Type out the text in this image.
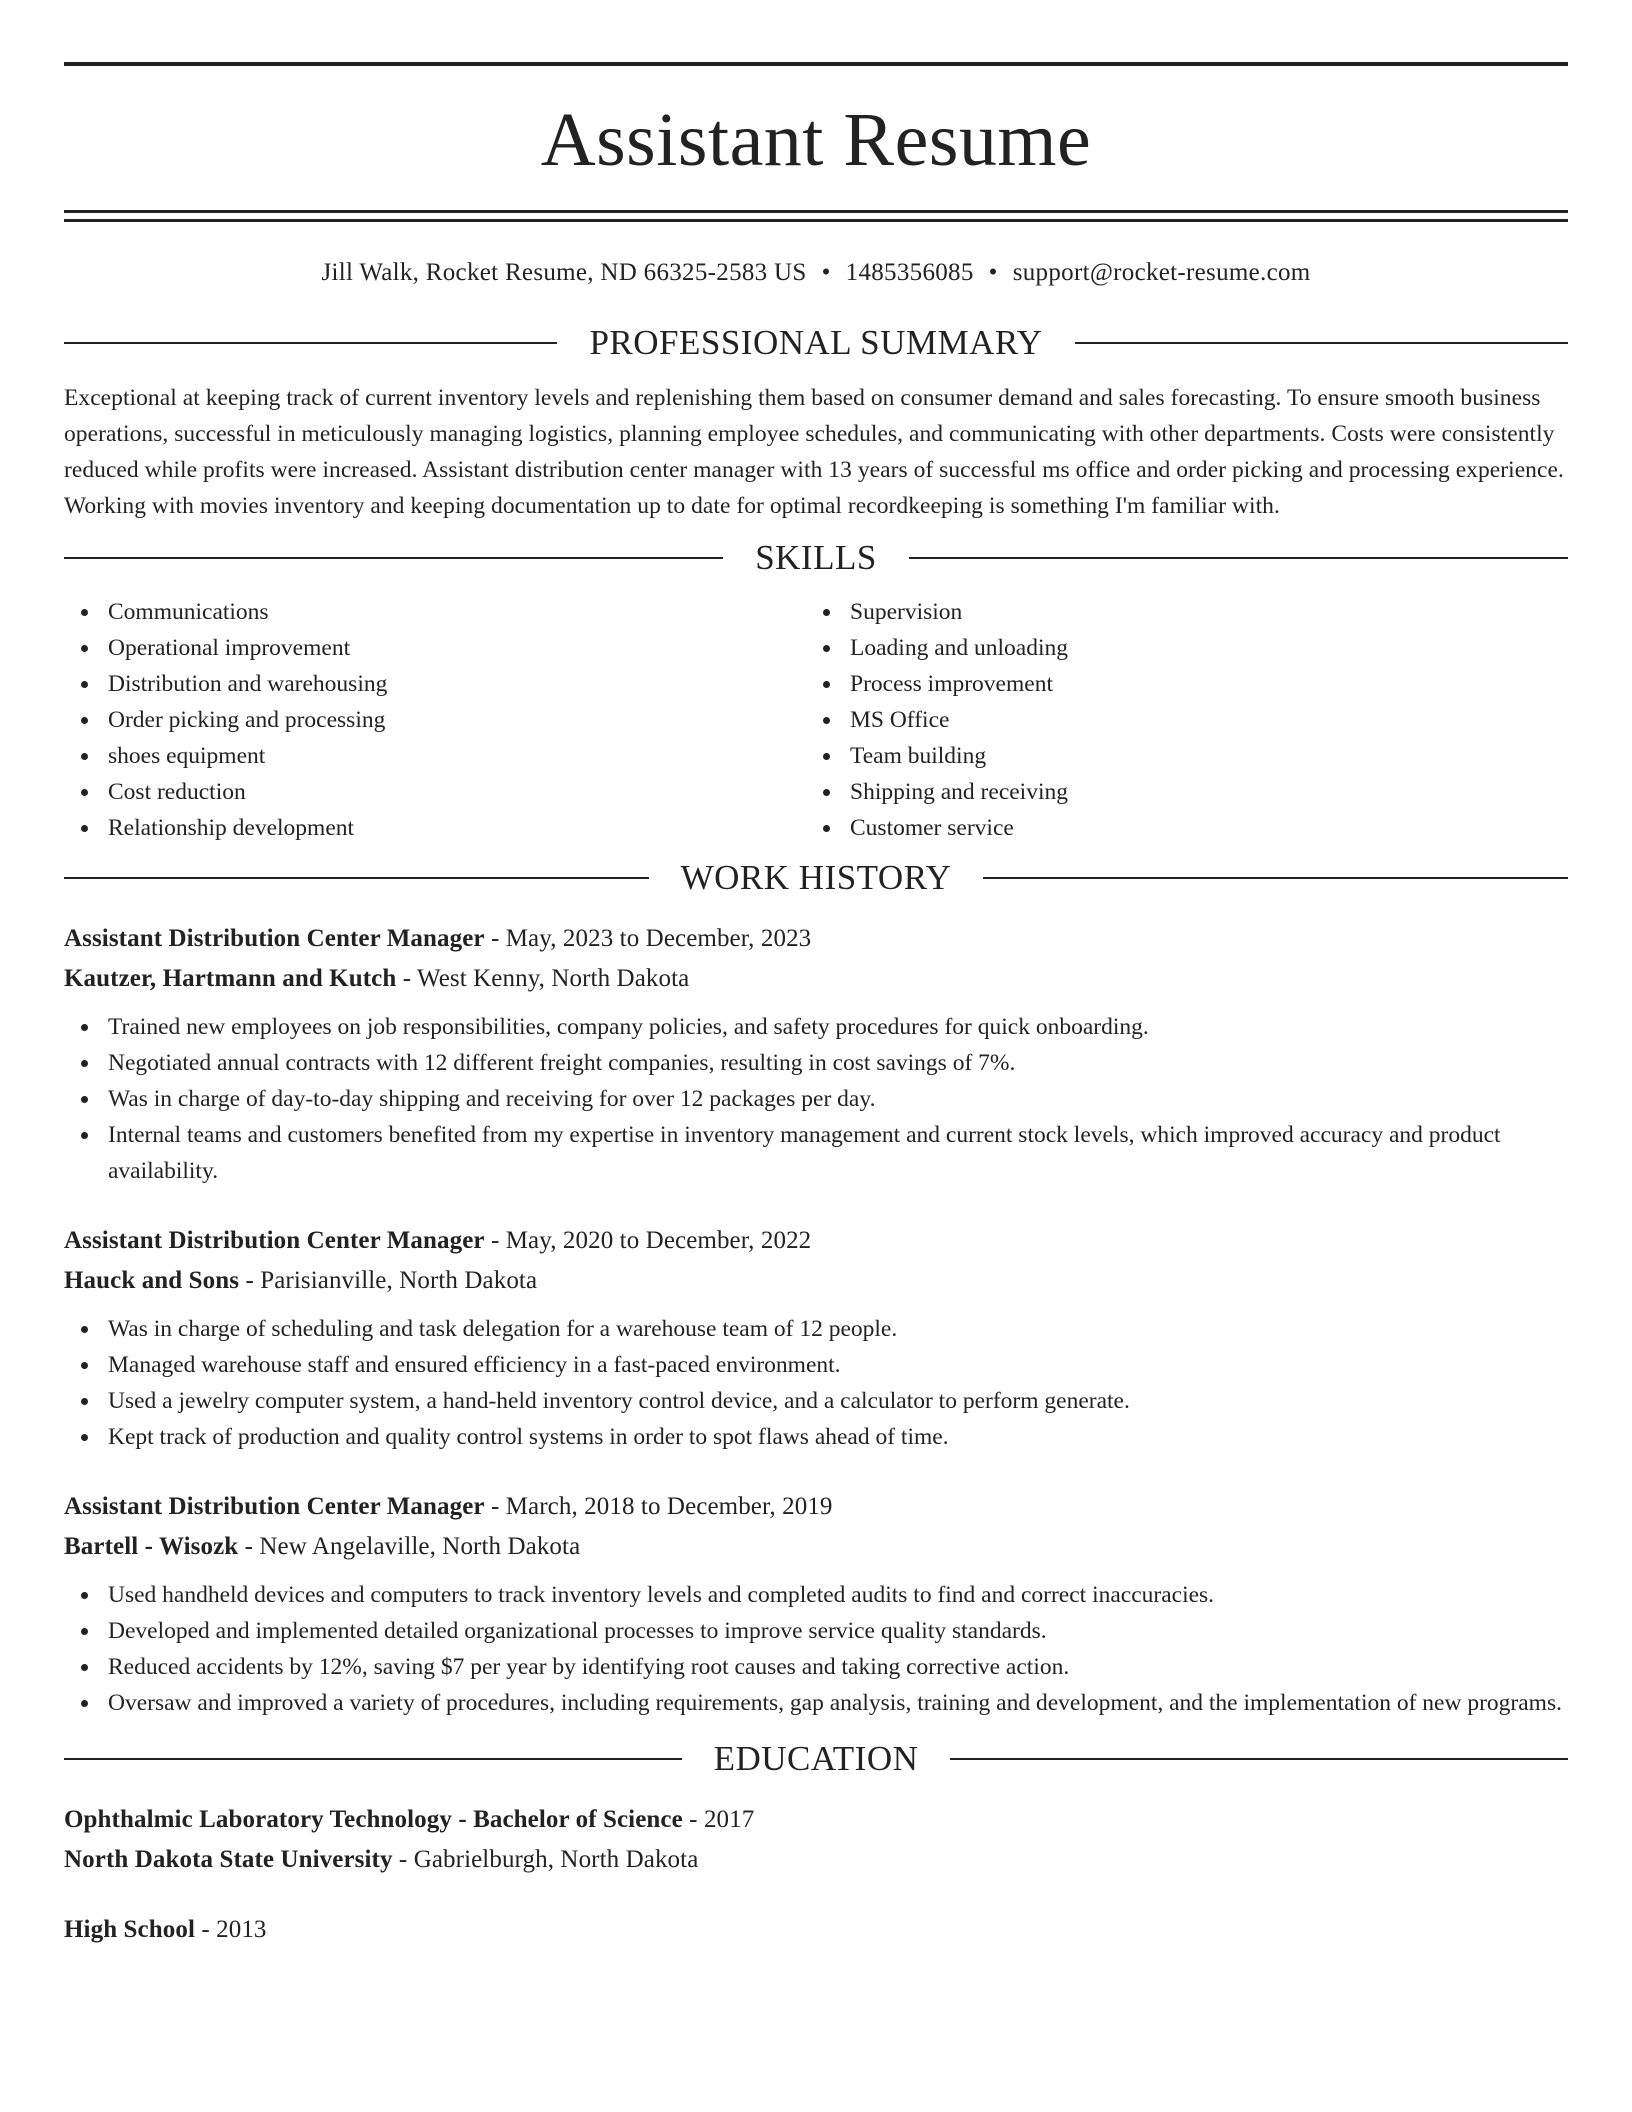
Assistant Resume
Jill Walk, Rocket Resume, ND 66325-2583 US • 1485356085 • support@rocket-resume.com
PROFESSIONAL SUMMARY

Exceptional at keeping track of current inventory levels and replenishing them based on consumer demand and sales forecasting. To ensure smooth business operations, successful in meticulously managing logistics, planning employee schedules, and communicating with other departments. Costs were consistently reduced while profits were increased. Assistant distribution center manager with 13 years of successful ms office and order picking and processing experience. Working with movies inventory and keeping documentation up to date for optimal recordkeeping is something I'm familiar with.

SKILLS
Communications
Operational improvement
Distribution and warehousing
Order picking and processing
shoes equipment
Cost reduction
Relationship development
Supervision
Loading and unloading
Process improvement
MS Office
Team building
Shipping and receiving
Customer service
WORK HISTORY
Assistant Distribution Center Manager - May, 2023 to December, 2023
Kautzer, Hartmann and Kutch - West Kenny, North Dakota
Trained new employees on job responsibilities, company policies, and safety procedures for quick onboarding.
Negotiated annual contracts with 12 different freight companies, resulting in cost savings of 7%.
Was in charge of day-to-day shipping and receiving for over 12 packages per day.
Internal teams and customers benefited from my expertise in inventory management and current stock levels, which improved accuracy and product availability.
Assistant Distribution Center Manager - May, 2020 to December, 2022
Hauck and Sons - Parisianville, North Dakota
Was in charge of scheduling and task delegation for a warehouse team of 12 people.
Managed warehouse staff and ensured efficiency in a fast-paced environment.
Used a jewelry computer system, a hand-held inventory control device, and a calculator to perform generate.
Kept track of production and quality control systems in order to spot flaws ahead of time.
Assistant Distribution Center Manager - March, 2018 to December, 2019
Bartell - Wisozk - New Angelaville, North Dakota
Used handheld devices and computers to track inventory levels and completed audits to find and correct inaccuracies.
Developed and implemented detailed organizational processes to improve service quality standards.
Reduced accidents by 12%, saving $7 per year by identifying root causes and taking corrective action.
Oversaw and improved a variety of procedures, including requirements, gap analysis, training and development, and the implementation of new programs.
EDUCATION
Ophthalmic Laboratory Technology - Bachelor of Science - 2017
North Dakota State University - Gabrielburgh, North Dakota
High School - 2013
